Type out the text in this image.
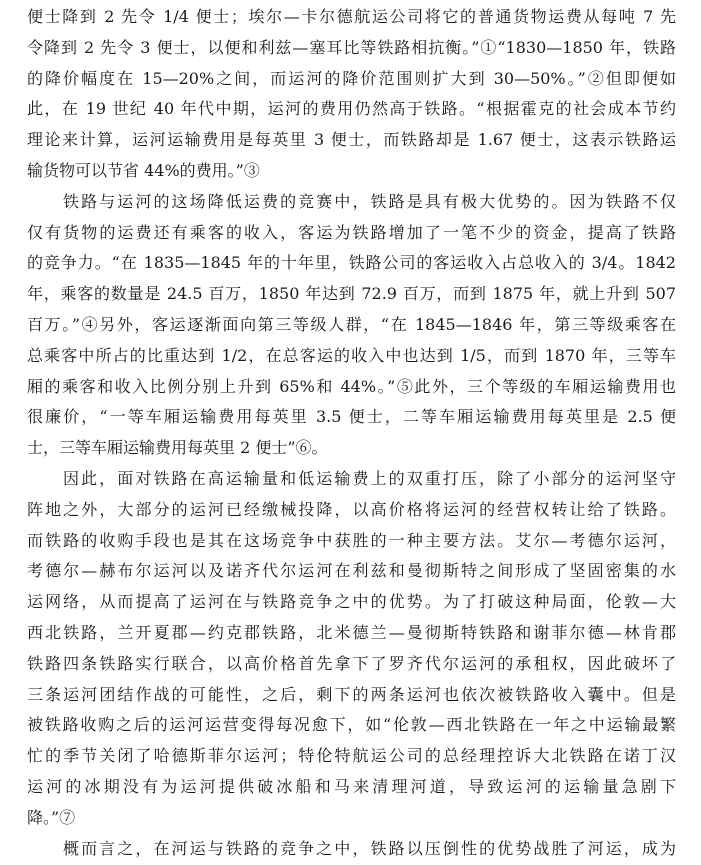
便士降到 2 先令 1/4 便士；埃尔—卡尔德航运公司将它的普通货物运费从每吨 7 先
令降到 2 先令 3 便士，以便和利兹—塞耳比等铁路相抗衡。”①“1830—1850 年，铁路
的降价幅度在 15—20%之间，而运河的降价范围则扩大到 30—50%。”②但即便如
此，在 19 世纪 40 年代中期，运河的费用仍然高于铁路。“根据霍克的社会成本节约
理论来计算，运河运输费用是每英里 3 便士，而铁路却是 1.67 便士，这表示铁路运
输货物可以节省 44%的费用。”③
铁路与运河的这场降低运费的竞赛中，铁路是具有极大优势的。因为铁路不仅
仅有货物的运费还有乘客的收入，客运为铁路增加了一笔不少的资金，提高了铁路
的竞争力。“在 1835—1845 年的十年里，铁路公司的客运收入占总收入的 3/4。1842
年，乘客的数量是 24.5 百万，1850 年达到 72.9 百万，而到 1875 年，就上升到 507
百万。”④另外，客运逐渐面向第三等级人群，“在 1845—1846 年，第三等级乘客在
总乘客中所占的比重达到 1/2，在总客运的收入中也达到 1/5，而到 1870 年，三等车
厢的乘客和收入比例分别上升到 65%和 44%。”⑤此外，三个等级的车厢运输费用也
很廉价，“一等车厢运输费用每英里 3.5 便士，二等车厢运输费用每英里是 2.5 便
士，三等车厢运输费用每英里 2 便士”⑥。
因此，面对铁路在高运输量和低运输费上的双重打压，除了小部分的运河坚守
阵地之外，大部分的运河已经缴械投降，以高价格将运河的经营权转让给了铁路。
而铁路的收购手段也是其在这场竞争中获胜的一种主要方法。艾尔—考德尔运河，
考德尔—赫布尔运河以及诺齐代尔运河在利兹和曼彻斯特之间形成了坚固密集的水
运网络，从而提高了运河在与铁路竞争之中的优势。为了打破这种局面，伦敦—大
西北铁路，兰开夏郡—约克郡铁路，北米德兰—曼彻斯特铁路和谢菲尔德—林肯郡
铁路四条铁路实行联合，以高价格首先拿下了罗齐代尔运河的承租权，因此破坏了
三条运河团结作战的可能性，之后，剩下的两条运河也依次被铁路收入囊中。但是
被铁路收购之后的运河运营变得每况愈下，如“伦敦—西北铁路在一年之中运输最繁
忙的季节关闭了哈德斯菲尔运河；特伦特航运公司的总经理控诉大北铁路在诺丁汉
运河的冰期没有为运河提供破冰船和马来清理河道，导致运河的运输量急剧下
降。”⑦
概而言之，在河运与铁路的竞争之中，铁路以压倒性的优势战胜了河运，成为
